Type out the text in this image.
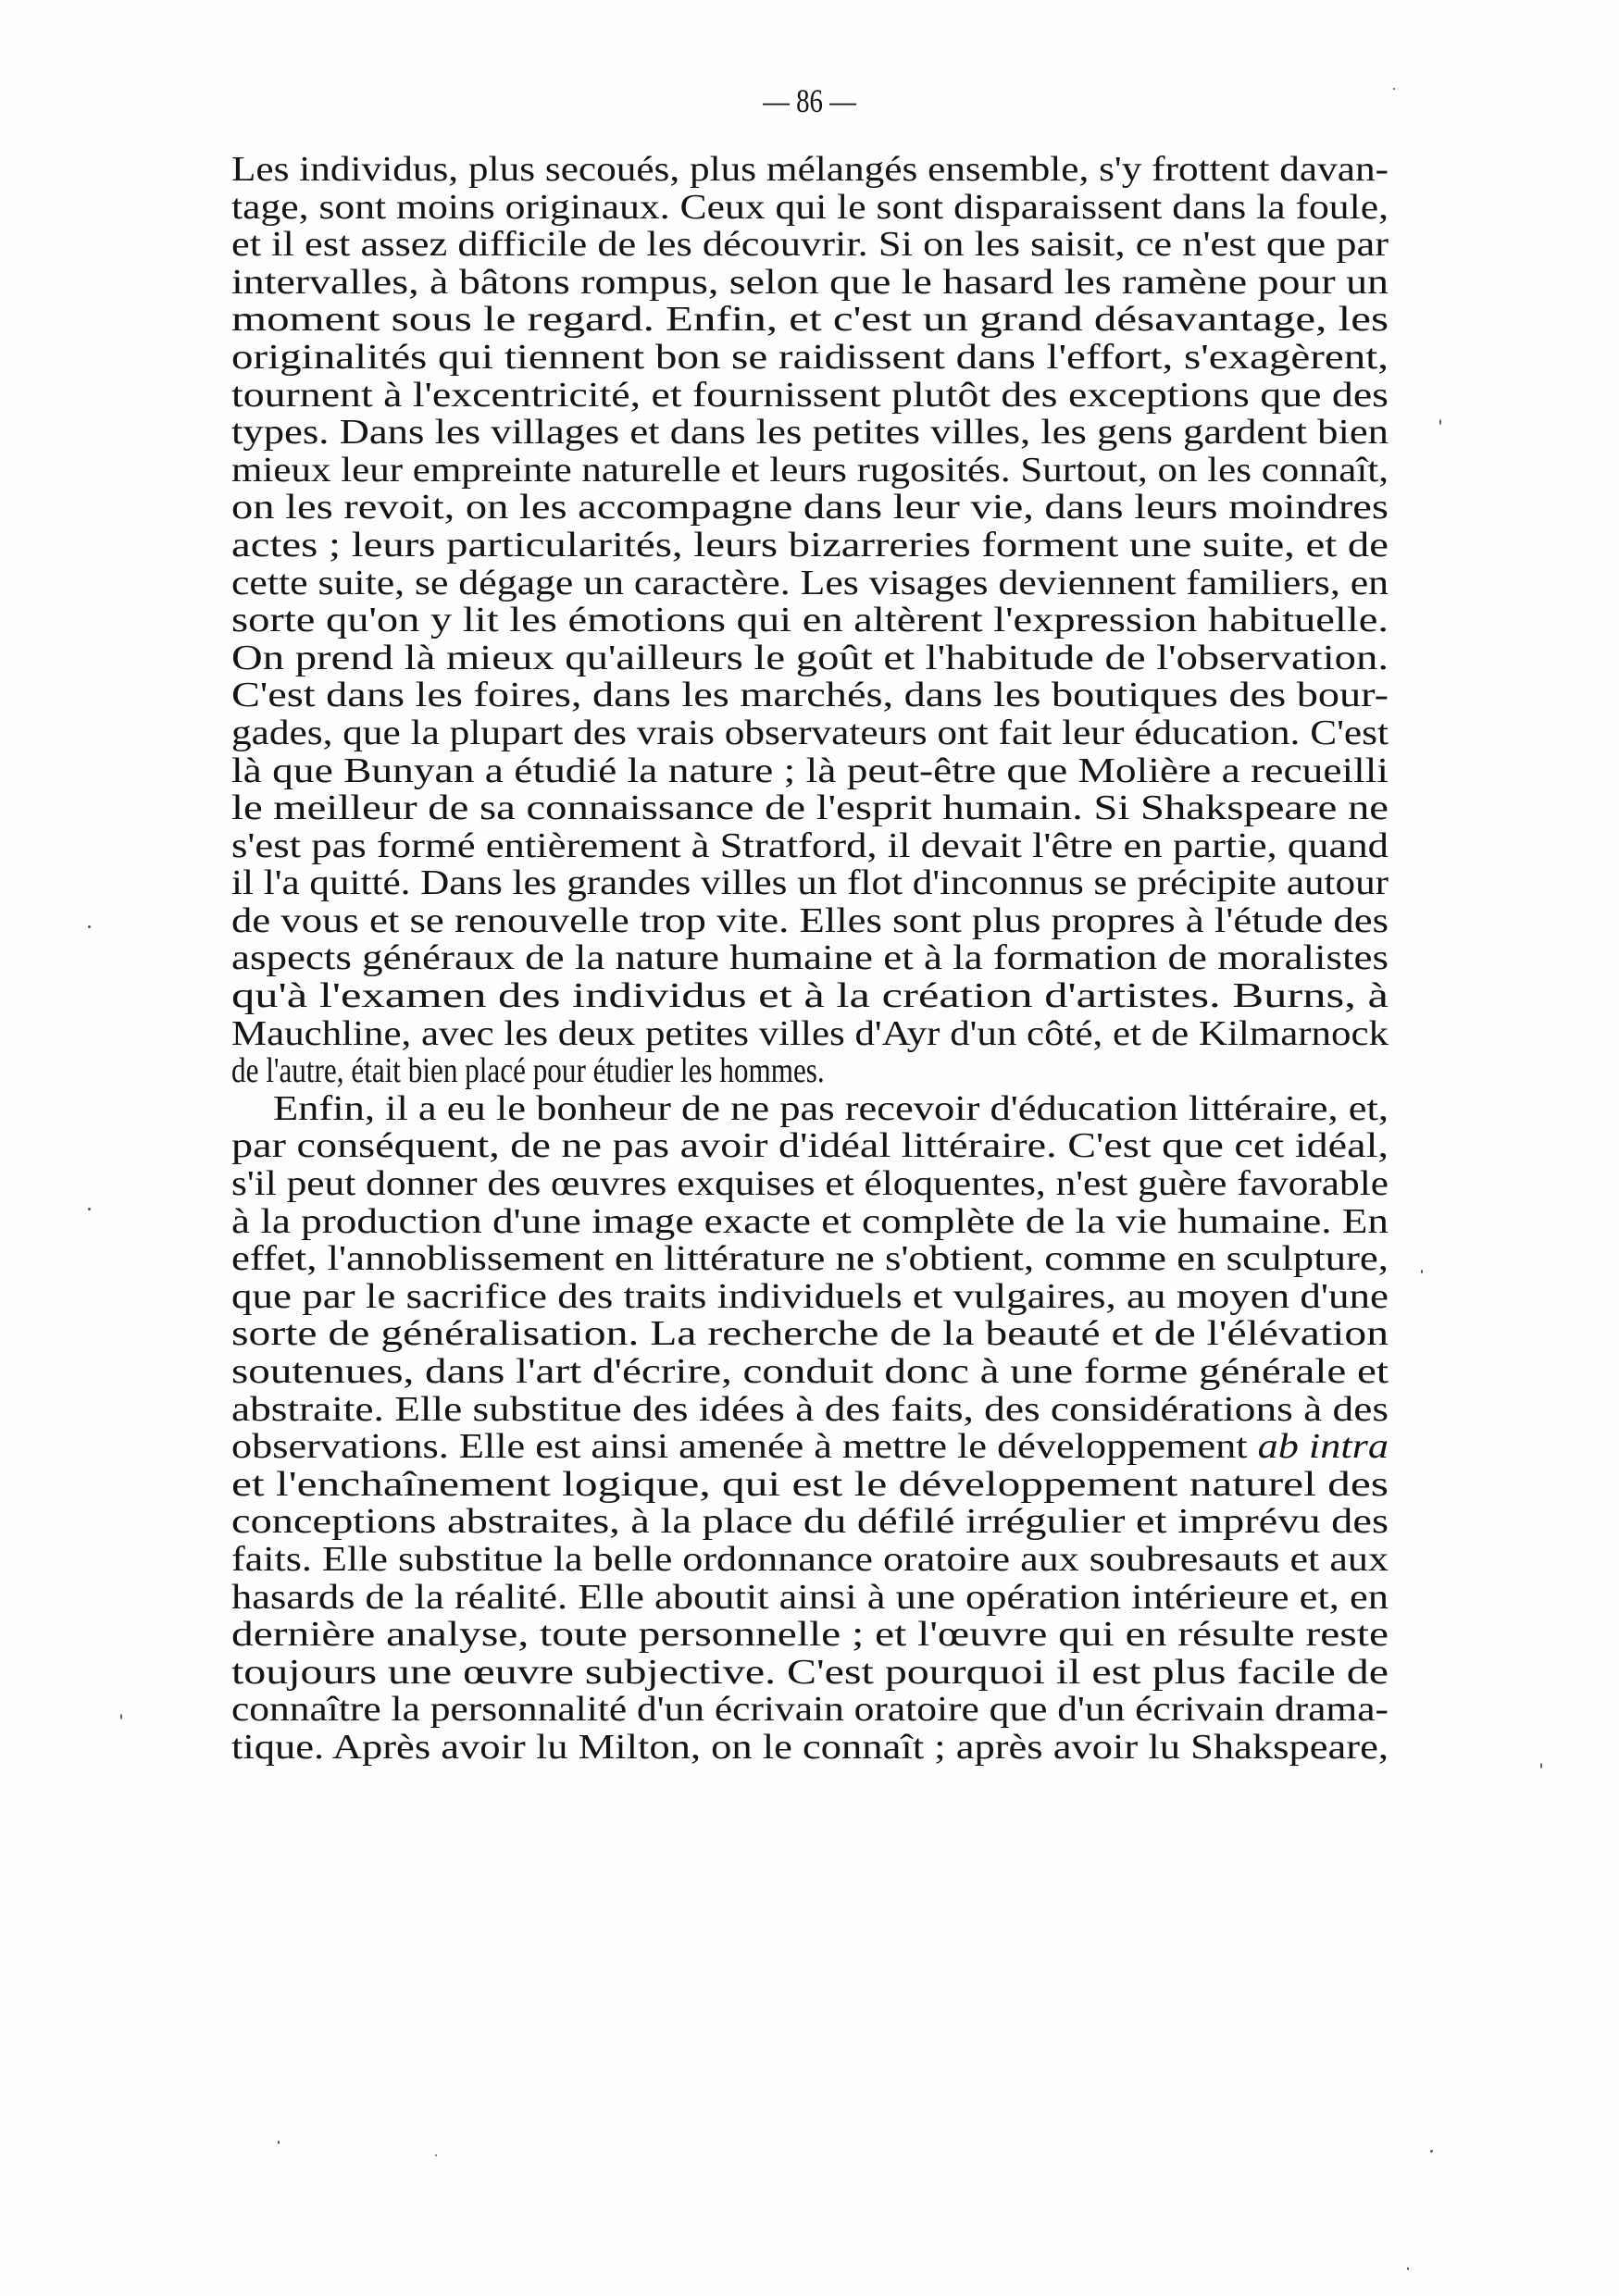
— 86 —
Les individus, plus secoués, plus mélangés ensemble, s'y frottent davan-
tage, sont moins originaux. Ceux qui le sont disparaissent dans la foule,
et il est assez difficile de les découvrir. Si on les saisit, ce n'est que par
intervalles, à bâtons rompus, selon que le hasard les ramène pour un
moment sous le regard. Enfin, et c'est un grand désavantage, les
originalités qui tiennent bon se raidissent dans l'effort, s'exagèrent,
tournent à l'excentricité, et fournissent plutôt des exceptions que des
types. Dans les villages et dans les petites villes, les gens gardent bien
mieux leur empreinte naturelle et leurs rugosités. Surtout, on les connaît,
on les revoit, on les accompagne dans leur vie, dans leurs moindres
actes ; leurs particularités, leurs bizarreries forment une suite, et de
cette suite, se dégage un caractère. Les visages deviennent familiers, en
sorte qu'on y lit les émotions qui en altèrent l'expression habituelle.
On prend là mieux qu'ailleurs le goût et l'habitude de l'observation.
C'est dans les foires, dans les marchés, dans les boutiques des bour-
gades, que la plupart des vrais observateurs ont fait leur éducation. C'est
là que Bunyan a étudié la nature ; là peut-être que Molière a recueilli
le meilleur de sa connaissance de l'esprit humain. Si Shakspeare ne
s'est pas formé entièrement à Stratford, il devait l'être en partie, quand
il l'a quitté. Dans les grandes villes un flot d'inconnus se précipite autour
de vous et se renouvelle trop vite. Elles sont plus propres à l'étude des
aspects généraux de la nature humaine et à la formation de moralistes
qu'à l'examen des individus et à la création d'artistes. Burns, à
Mauchline, avec les deux petites villes d'Ayr d'un côté, et de Kilmarnock
de l'autre, était bien placé pour étudier les hommes.
Enfin, il a eu le bonheur de ne pas recevoir d'éducation littéraire, et,
par conséquent, de ne pas avoir d'idéal littéraire. C'est que cet idéal,
s'il peut donner des œuvres exquises et éloquentes, n'est guère favorable
à la production d'une image exacte et complète de la vie humaine. En
effet, l'annoblissement en littérature ne s'obtient, comme en sculpture,
que par le sacrifice des traits individuels et vulgaires, au moyen d'une
sorte de généralisation. La recherche de la beauté et de l'élévation
soutenues, dans l'art d'écrire, conduit donc à une forme générale et
abstraite. Elle substitue des idées à des faits, des considérations à des
observations. Elle est ainsi amenée à mettre le développement ab intra
et l'enchaînement logique, qui est le développement naturel des
conceptions abstraites, à la place du défilé irrégulier et imprévu des
faits. Elle substitue la belle ordonnance oratoire aux soubresauts et aux
hasards de la réalité. Elle aboutit ainsi à une opération intérieure et, en
dernière analyse, toute personnelle ; et l'œuvre qui en résulte reste
toujours une œuvre subjective. C'est pourquoi il est plus facile de
connaître la personnalité d'un écrivain oratoire que d'un écrivain drama-
tique. Après avoir lu Milton, on le connaît ; après avoir lu Shakspeare,
